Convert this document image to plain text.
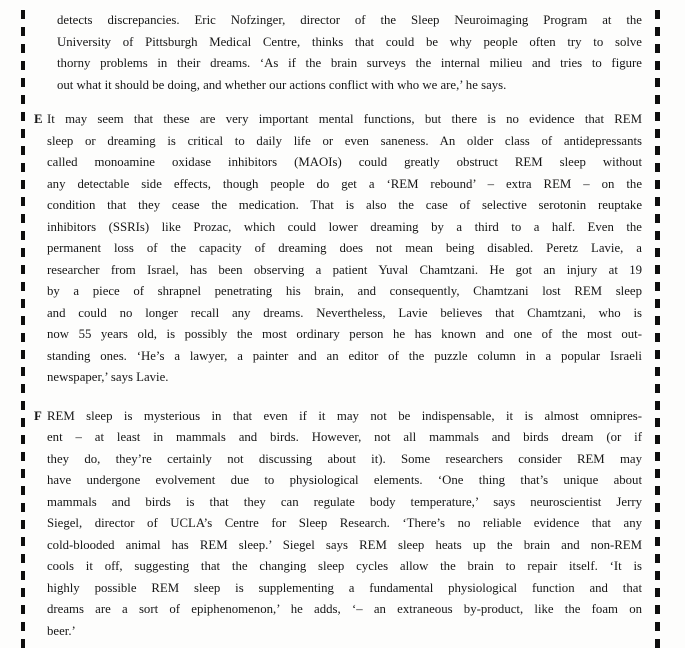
detects discrepancies. Eric Nofzinger, director of the Sleep Neuroimaging Program at the
University of Pittsburgh Medical Centre, thinks that could be why people often try to solve
thorny problems in their dreams. ‘As if the brain surveys the internal milieu and tries to figure
out what it should be doing, and whether our actions conflict with who we are,’ he says.
E It may seem that these are very important mental functions, but there is no evidence that REM
sleep or dreaming is critical to daily life or even saneness. An older class of antidepressants
called monoamine oxidase inhibitors (MAOIs) could greatly obstruct REM sleep without
any detectable side effects, though people do get a ‘REM rebound’ – extra REM – on the
condition that they cease the medication. That is also the case of selective serotonin reuptake
inhibitors (SSRIs) like Prozac, which could lower dreaming by a third to a half. Even the
permanent loss of the capacity of dreaming does not mean being disabled. Peretz Lavie, a
researcher from Israel, has been observing a patient Yuval Chamtzani. He got an injury at 19
by a piece of shrapnel penetrating his brain, and consequently, Chamtzani lost REM sleep
and could no longer recall any dreams. Nevertheless, Lavie believes that Chamtzani, who is
now 55 years old, is possibly the most ordinary person he has known and one of the most out-
standing ones. ‘He’s a lawyer, a painter and an editor of the puzzle column in a popular Israeli
newspaper,’ says Lavie.
F REM sleep is mysterious in that even if it may not be indispensable, it is almost omnipres-
ent – at least in mammals and birds. However, not all mammals and birds dream (or if
they do, they’re certainly not discussing about it). Some researchers consider REM may
have undergone evolvement due to physiological elements. ‘One thing that’s unique about
mammals and birds is that they can regulate body temperature,’ says neuroscientist Jerry
Siegel, director of UCLA’s Centre for Sleep Research. ‘There’s no reliable evidence that any
cold-blooded animal has REM sleep.’ Siegel says REM sleep heats up the brain and non-REM
cools it off, suggesting that the changing sleep cycles allow the brain to repair itself. ‘It is
highly possible REM sleep is supplementing a fundamental physiological function and that
dreams are a sort of epiphenomenon,’ he adds, ‘– an extraneous by-product, like the foam on
beer.’
